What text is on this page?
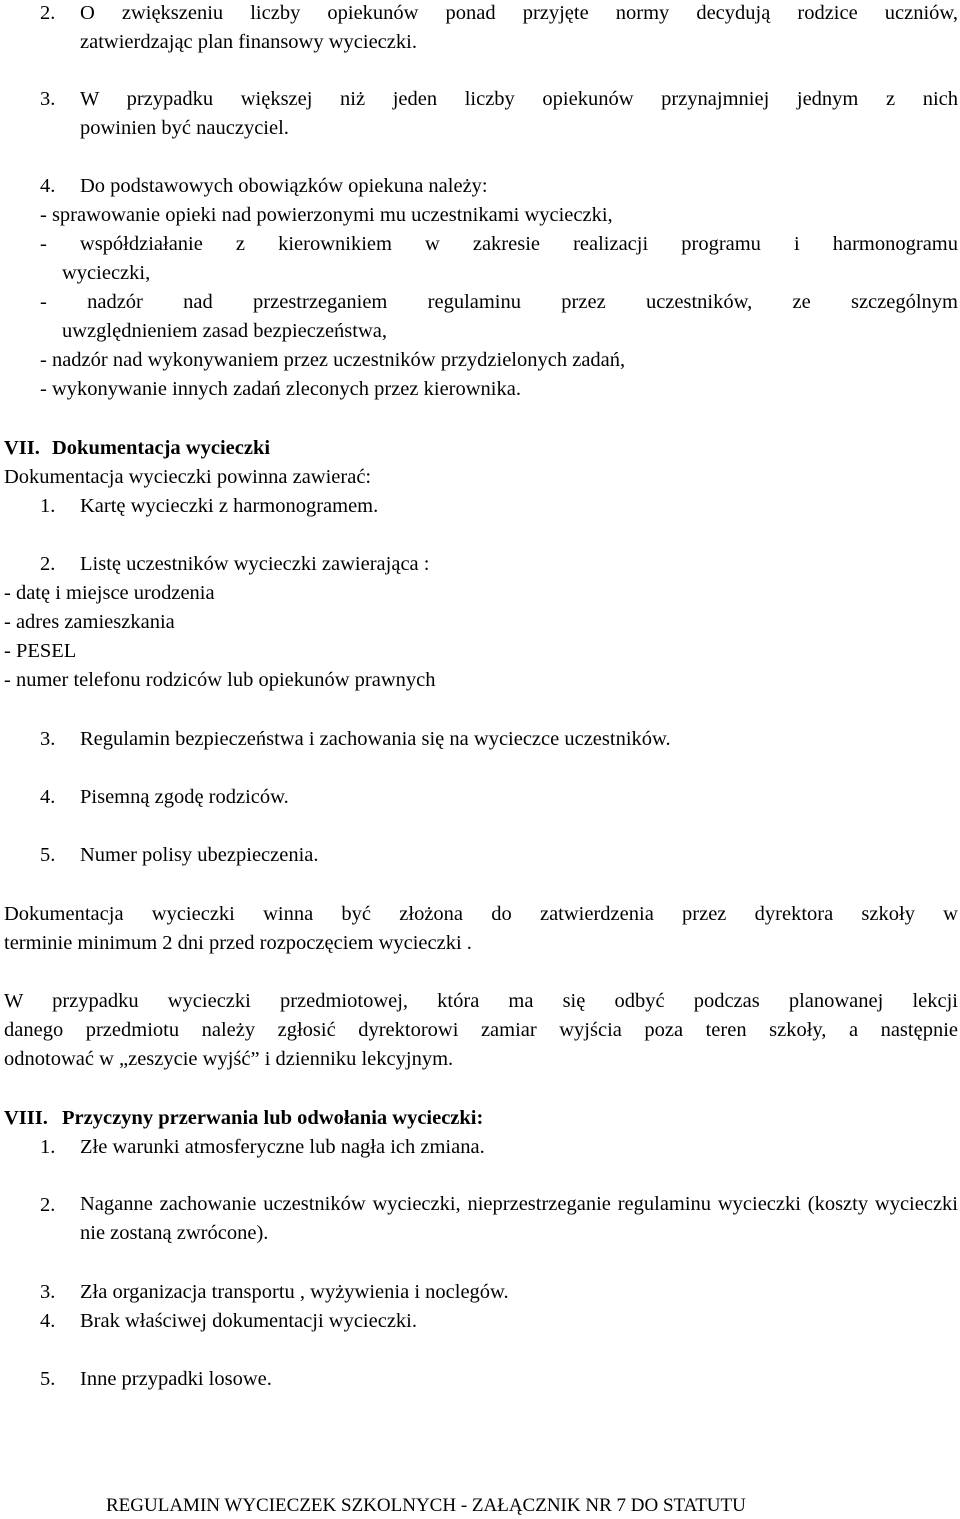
2. O zwiększeniu liczby opiekunów ponad przyjęte normy decydują rodzice uczniów,
zatwierdzając plan finansowy wycieczki.
3. W przypadku większej niż jeden liczby opiekunów przynajmniej jednym z nich
powinien być nauczyciel.
4. Do podstawowych obowiązków opiekuna należy:
- sprawowanie opieki nad powierzonymi mu uczestnikami wycieczki,
- współdziałanie z kierownikiem w zakresie realizacji programu i harmonogramu
wycieczki,
- nadzór nad przestrzeganiem regulaminu przez uczestników, ze szczególnym
uwzględnieniem zasad bezpieczeństwa,
- nadzór nad wykonywaniem przez uczestników przydzielonych zadań,
- wykonywanie innych zadań zleconych przez kierownika.
VII. Dokumentacja wycieczki
Dokumentacja wycieczki powinna zawierać:
1. Kartę wycieczki z harmonogramem.
2. Listę uczestników wycieczki zawierająca :
- datę i miejsce urodzenia
- adres zamieszkania
- PESEL
- numer telefonu rodziców lub opiekunów prawnych
3. Regulamin bezpieczeństwa i zachowania się na wycieczce uczestników.
4. Pisemną zgodę rodziców.
5. Numer polisy ubezpieczenia.
Dokumentacja wycieczki winna być złożona do zatwierdzenia przez dyrektora szkoły w
terminie minimum 2 dni przed rozpoczęciem wycieczki .
W przypadku wycieczki przedmiotowej, która ma się odbyć podczas planowanej lekcji
danego przedmiotu należy zgłosić dyrektorowi zamiar wyjścia poza teren szkoły, a następnie
odnotować w „zeszycie wyjść” i dzienniku lekcyjnym.
VIII. Przyczyny przerwania lub odwołania wycieczki:
1. Złe warunki atmosferyczne lub nagła ich zmiana.
2. Naganne zachowanie uczestników wycieczki, nieprzestrzeganie regulaminu wycieczki (koszty wycieczki nie zostaną zwrócone).
3. Zła organizacja transportu , wyżywienia i noclegów.
4. Brak właściwej dokumentacji wycieczki.
5. Inne przypadki losowe.
REGULAMIN WYCIECZEK SZKOLNYCH - ZAŁĄCZNIK NR 7 DO STATUTU
